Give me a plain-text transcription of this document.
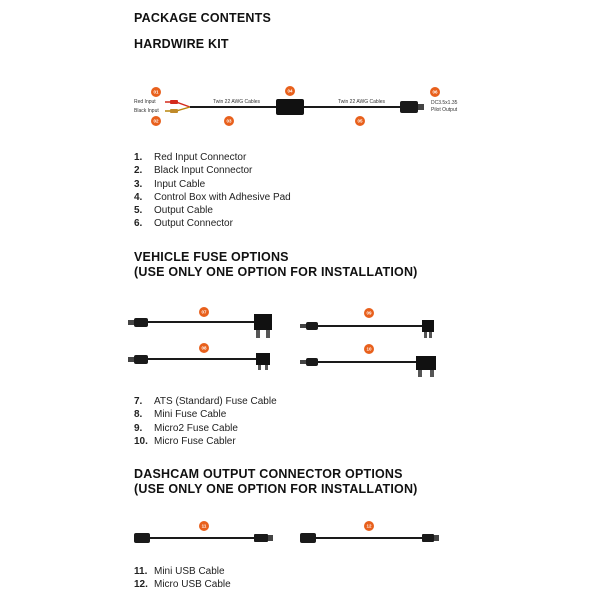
PACKAGE CONTENTS
HARDWIRE KIT
Red Input
Black Input
Twin 22 AWG Cables	Twin 22 AWG Cables	DC3.5x1.35
Pilot Output
01
02	03
04
05
06
07
08
09
10
11	12
1.	Red Input Connector
2.	Black Input Connector
3.	Input Cable
4.	Control Box with Adhesive Pad
5.	Output Cable
6.	Output Connector
VEHICLE FUSE OPTIONS
(USE ONLY ONE OPTION FOR INSTALLATION)
7.	ATS (Standard) Fuse Cable
8.	Mini Fuse Cable
9.	Micro2 Fuse Cable
10. Micro Fuse Cabler
DASHCAM OUTPUT CONNECTOR OPTIONS
(USE ONLY ONE OPTION FOR INSTALLATION)
11. Mini USB Cable
12. Micro USB Cable
